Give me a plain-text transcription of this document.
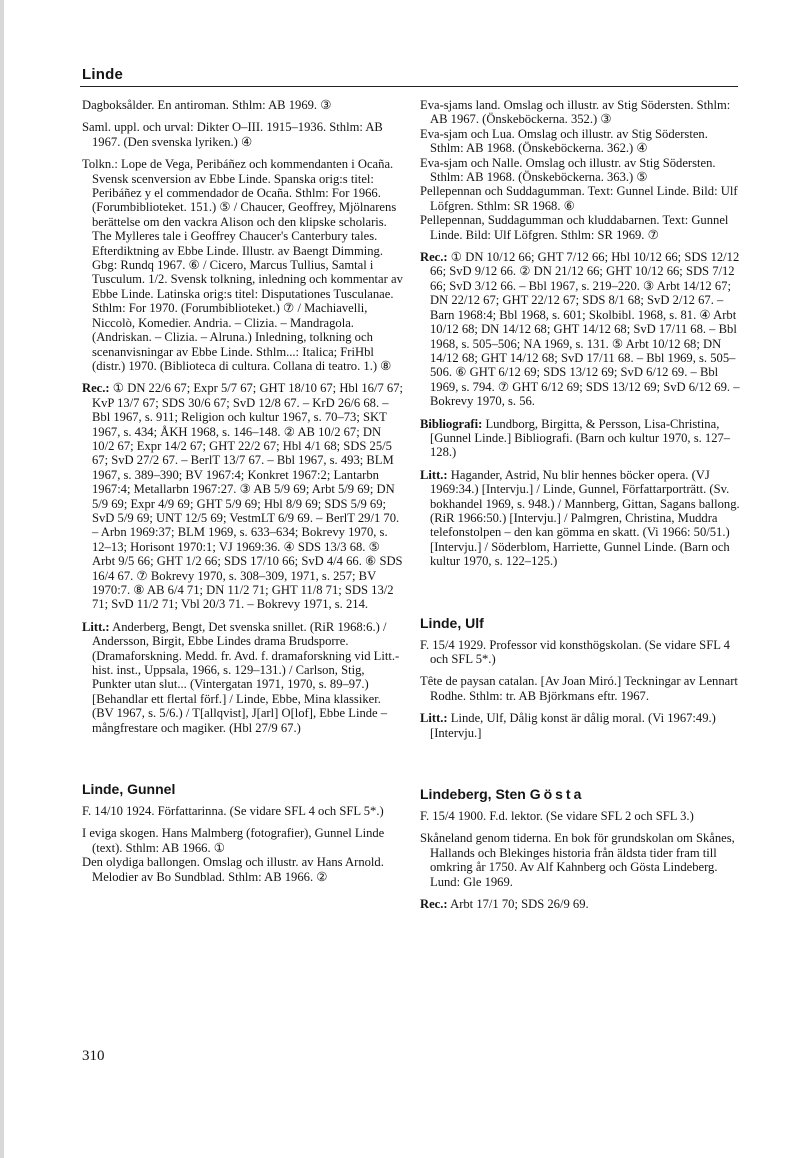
Linde

Dagboksålder. En antiroman. Sthlm: AB 1969. ③

Saml. uppl. och urval: Dikter O–III. 1915–1936. Sthlm: AB 1967. (Den svenska lyriken.) ④

Tolkn.: Lope de Vega, Peribáñez och kommendanten i Ocaña. Svensk scenversion av Ebbe Linde. Spanska orig:s titel: Peribáñez y el commendador de Ocaña. Sthlm: For 1966. (Forumbiblioteket. 151.) ⑤ / Chaucer, Geoffrey, Mjölnarens berättelse om den vackra Alison och den klipske scholaris. The Mylleres tale i Geoffrey Chaucer's Canterbury tales. Efterdiktning av Ebbe Linde. Illustr. av Baengt Dimming. Gbg: Rundq 1967. ⑥ / Cicero, Marcus Tullius, Samtal i Tusculum. 1/2. Svensk tolkning, inledning och kommentar av Ebbe Linde. Latinska orig:s titel: Disputationes Tusculanae. Sthlm: For 1970. (Forumbiblioteket.) ⑦ / Machiavelli, Niccolò, Komedier. Andria. – Clizia. – Mandragola. (Andriskan. – Clizia. – Alruna.) Inledning, tolkning och scenanvisningar av Ebbe Linde. Sthlm...: Italica; FriHbl (distr.) 1970. (Biblioteca di cultura. Collana di teatro. 1.) ⑧

Rec.: ① DN 22/6 67; Expr 5/7 67; GHT 18/10 67; Hbl 16/7 67; KvP 13/7 67; SDS 30/6 67; SvD 12/8 67. – KrD 26/6 68. – Bbl 1967, s. 911; Religion och kultur 1967, s. 70–73; SKT 1967, s. 434; ÅKH 1968, s. 146–148. ② AB 10/2 67; DN 10/2 67; Expr 14/2 67; GHT 22/2 67; Hbl 4/1 68; SDS 25/5 67; SvD 27/2 67. – BerlT 13/7 67. – Bbl 1967, s. 493; BLM 1967, s. 389–390; BV 1967:4; Konkret 1967:2; Lantarbn 1967:4; Metallarbn 1967:27. ③ AB 5/9 69; Arbt 5/9 69; DN 5/9 69; Expr 4/9 69; GHT 5/9 69; Hbl 8/9 69; SDS 5/9 69; SvD 5/9 69; UNT 12/5 69; VestmLT 6/9 69. – BerlT 29/1 70. – Arbn 1969:37; BLM 1969, s. 633–634; Bokrevy 1970, s. 12–13; Horisont 1970:1; VJ 1969:36. ④ SDS 13/3 68. ⑤ Arbt 9/5 66; GHT 1/2 66; SDS 17/10 66; SvD 4/4 66. ⑥ SDS 16/4 67. ⑦ Bokrevy 1970, s. 308–309, 1971, s. 257; BV 1970:7. ⑧ AB 6/4 71; DN 11/2 71; GHT 11/8 71; SDS 13/2 71; SvD 11/2 71; Vbl 20/3 71. – Bokrevy 1971, s. 214.

Litt.: Anderberg, Bengt, Det svenska snillet. (RiR 1968:6.) / Andersson, Birgit, Ebbe Lindes drama Brudsporre. (Dramaforskning. Medd. fr. Avd. f. dramaforskning vid Litt.-hist. inst., Uppsala, 1966, s. 129–131.) / Carlson, Stig, Punkter utan slut... (Vintergatan 1971, 1970, s. 89–97.) [Behandlar ett flertal förf.] / Linde, Ebbe, Mina klassiker. (BV 1967, s. 5/6.) / T[allqvist], J[arl] O[lof], Ebbe Linde – mångfrestare och magiker. (Hbl 27/9 67.)

Linde, Gunnel

F. 14/10 1924. Författarinna. (Se vidare SFL 4 och SFL 5*.)

I eviga skogen. Hans Malmberg (fotografier), Gunnel Linde (text). Sthlm: AB 1966. ①

Den olydiga ballongen. Omslag och illustr. av Hans Arnold. Melodier av Bo Sundblad. Sthlm: AB 1966. ②

Eva-sjams land. Omslag och illustr. av Stig Södersten. Sthlm: AB 1967. (Önskeböckerna. 352.) ③

Eva-sjam och Lua. Omslag och illustr. av Stig Södersten. Sthlm: AB 1968. (Önskeböckerna. 362.) ④

Eva-sjam och Nalle. Omslag och illustr. av Stig Södersten. Sthlm: AB 1968. (Önskeböckerna. 363.) ⑤

Pellepennan och Suddagumman. Text: Gunnel Linde. Bild: Ulf Löfgren. Sthlm: SR 1968. ⑥

Pellepennan, Suddagumman och kluddabarnen. Text: Gunnel Linde. Bild: Ulf Löfgren. Sthlm: SR 1969. ⑦

Rec.: ① DN 10/12 66; GHT 7/12 66; Hbl 10/12 66; SDS 12/12 66; SvD 9/12 66. ② DN 21/12 66; GHT 10/12 66; SDS 7/12 66; SvD 3/12 66. – Bbl 1967, s. 219–220. ③ Arbt 14/12 67; DN 22/12 67; GHT 22/12 67; SDS 8/1 68; SvD 2/12 67. – Barn 1968:4; Bbl 1968, s. 601; Skolbibl. 1968, s. 81. ④ Arbt 10/12 68; DN 14/12 68; GHT 14/12 68; SvD 17/11 68. – Bbl 1968, s. 505–506; NA 1969, s. 131. ⑤ Arbt 10/12 68; DN 14/12 68; GHT 14/12 68; SvD 17/11 68. – Bbl 1969, s. 505–506. ⑥ GHT 6/12 69; SDS 13/12 69; SvD 6/12 69. – Bbl 1969, s. 794. ⑦ GHT 6/12 69; SDS 13/12 69; SvD 6/12 69. – Bokrevy 1970, s. 56.

Bibliografi: Lundborg, Birgitta, & Persson, Lisa-Christina, [Gunnel Linde.] Bibliografi. (Barn och kultur 1970, s. 127–128.)

Litt.: Hagander, Astrid, Nu blir hennes böcker opera. (VJ 1969:34.) [Intervju.] / Linde, Gunnel, Författarporträtt. (Sv. bokhandel 1969, s. 948.) / Mannberg, Gittan, Sagans ballong. (RiR 1966:50.) [Intervju.] / Palmgren, Christina, Muddra telefonstolpen – den kan gömma en skatt. (Vi 1966: 50/51.) [Intervju.] / Söderblom, Harriette, Gunnel Linde. (Barn och kultur 1970, s. 122–125.)

Linde, Ulf

F. 15/4 1929. Professor vid konsthögskolan. (Se vidare SFL 4 och SFL 5*.)

Tête de paysan catalan. [Av Joan Miró.] Teckningar av Lennart Rodhe. Sthlm: tr. AB Björkmans eftr. 1967.

Litt.: Linde, Ulf, Dålig konst är dålig moral. (Vi 1967:49.) [Intervju.]

Lindeberg, Sten Gösta

F. 15/4 1900. F.d. lektor. (Se vidare SFL 2 och SFL 3.)

Skåneland genom tiderna. En bok för grundskolan om Skånes, Hallands och Blekinges historia från äldsta tider fram till omkring år 1750. Av Alf Kahnberg och Gösta Lindeberg. Lund: Gle 1969.

Rec.: Arbt 17/1 70; SDS 26/9 69.

310
